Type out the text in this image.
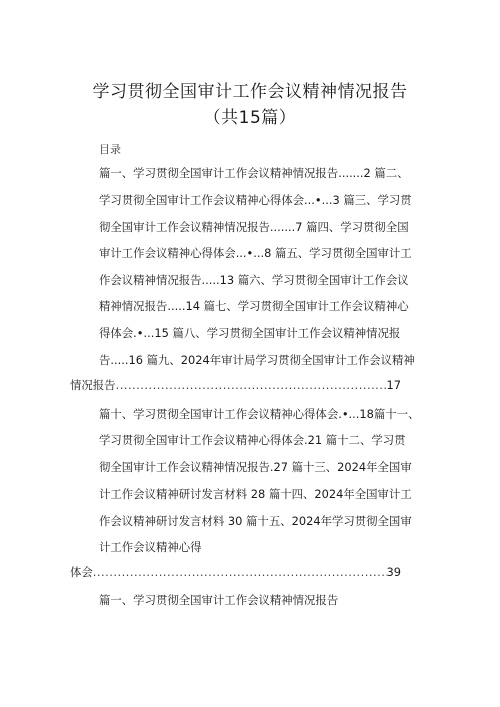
学习贯彻全国审计工作会议精神情况报告
（共15篇）
目录
篇一、学习贯彻全国审计工作会议精神情况报告.......2 篇二、
学习贯彻全国审计工作会议精神心得体会...•...3 篇三、学习贯
彻全国审计工作会议精神情况报告.......7 篇四、学习贯彻全国
审计工作会议精神心得体会...•...8 篇五、学习贯彻全国审计工
作会议精神情况报告.....13 篇六、学习贯彻全国审计工作会议
精神情况报告.....14 篇七、学习贯彻全国审计工作会议精神心
得体会.•...15 篇八、学习贯彻全国审计工作会议精神情况报
告.....16 篇九、2024年审计局学习贯彻全国审计工作会议精神
情况报告 .....	17
篇十、学习贯彻全国审计工作会议精神心得体会.•...18篇十一、
学习贯彻全国审计工作会议精神心得体会.21 篇十二、学习贯
彻全国审计工作会议精神情况报告.27 篇十三、2024年全国审
计工作会议精神研讨发言材料 28 篇十四、2024年全国审计工
作会议精神研讨发言材料 30 篇十五、2024年学习贯彻全国审
计工作会议精神心得
体会 .....	39
篇一、学习贯彻全国审计工作会议精神情况报告
